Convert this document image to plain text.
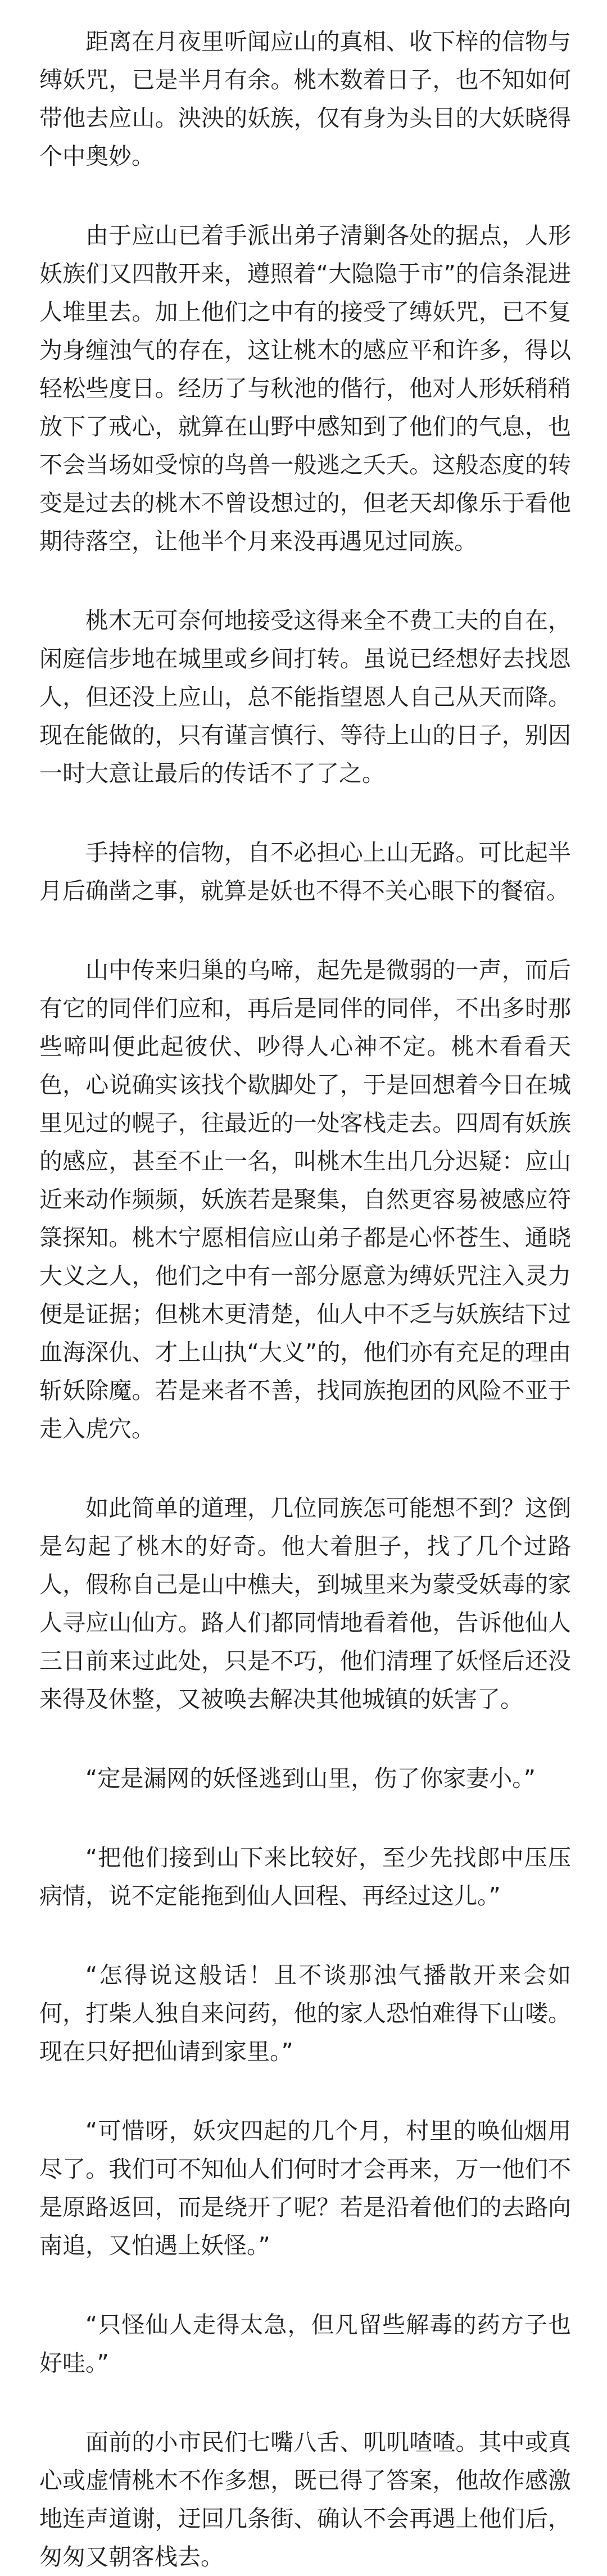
距离在月夜里听闻应山的真相、收下梓的信物与缚妖咒，已是半月有余。桃木数着日子，也不知如何带他去应山。泱泱的妖族，仅有身为头目的大妖晓得个中奥妙。

由于应山已着手派出弟子清剿各处的据点，人形妖族们又四散开来，遵照着“大隐隐于市”的信条混进人堆里去。加上他们之中有的接受了缚妖咒，已不复为身缠浊气的存在，这让桃木的感应平和许多，得以轻松些度日。经历了与秋池的偕行，他对人形妖稍稍放下了戒心，就算在山野中感知到了他们的气息，也不会当场如受惊的鸟兽一般逃之夭夭。这般态度的转变是过去的桃木不曾设想过的，但老天却像乐于看他期待落空，让他半个月来没再遇见过同族。

桃木无可奈何地接受这得来全不费工夫的自在，闲庭信步地在城里或乡间打转。虽说已经想好去找恩人，但还没上应山，总不能指望恩人自己从天而降。现在能做的，只有谨言慎行、等待上山的日子，别因一时大意让最后的传话不了了之。

手持梓的信物，自不必担心上山无路。可比起半月后确凿之事，就算是妖也不得不关心眼下的餐宿。

山中传来归巢的乌啼，起先是微弱的一声，而后有它的同伴们应和，再后是同伴的同伴，不出多时那些啼叫便此起彼伏、吵得人心神不定。桃木看看天色，心说确实该找个歇脚处了，于是回想着今日在城里见过的幌子，往最近的一处客栈走去。四周有妖族的感应，甚至不止一名，叫桃木生出几分迟疑：应山近来动作频频，妖族若是聚集，自然更容易被感应符箓探知。桃木宁愿相信应山弟子都是心怀苍生、通晓大义之人，他们之中有一部分愿意为缚妖咒注入灵力便是证据；但桃木更清楚，仙人中不乏与妖族结下过血海深仇、才上山执“大义”的，他们亦有充足的理由斩妖除魔。若是来者不善，找同族抱团的风险不亚于走入虎穴。

如此简单的道理，几位同族怎可能想不到？这倒是勾起了桃木的好奇。他大着胆子，找了几个过路人，假称自己是山中樵夫，到城里来为蒙受妖毒的家人寻应山仙方。路人们都同情地看着他，告诉他仙人三日前来过此处，只是不巧，他们清理了妖怪后还没来得及休整，又被唤去解决其他城镇的妖害了。

“定是漏网的妖怪逃到山里，伤了你家妻小。”

“把他们接到山下来比较好，至少先找郎中压压病情，说不定能拖到仙人回程、再经过这儿。”

“怎得说这般话！且不谈那浊气播散开来会如何，打柴人独自来问药，他的家人恐怕难得下山喽。现在只好把仙请到家里。”

“可惜呀，妖灾四起的几个月，村里的唤仙烟用尽了。我们可不知仙人们何时才会再来，万一他们不是原路返回，而是绕开了呢？若是沿着他们的去路向南追，又怕遇上妖怪。”

“只怪仙人走得太急，但凡留些解毒的药方子也好哇。”

面前的小市民们七嘴八舌、叽叽喳喳。其中或真心或虚情桃木不作多想，既已得了答案，他故作感激地连声道谢，迂回几条街、确认不会再遇上他们后，匆匆又朝客栈去。
